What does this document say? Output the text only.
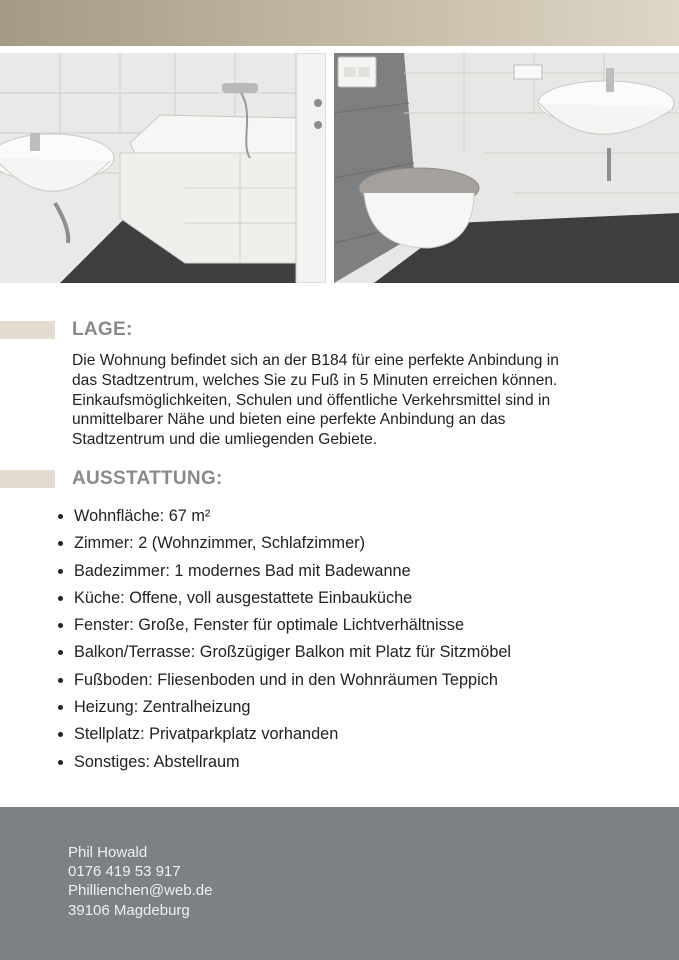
LAGE:

Die Wohnung befindet sich an der B184 für eine perfekte Anbindung in das Stadtzentrum, welches Sie zu Fuß in 5 Minuten erreichen können. Einkaufsmöglichkeiten, Schulen und öffentliche Verkehrsmittel sind in unmittelbarer Nähe und bieten eine perfekte Anbindung an das Stadtzentrum und die umliegenden Gebiete.

AUSSTATTUNG:
• Wohnfläche: 67 m²
• Zimmer: 2 (Wohnzimmer, Schlafzimmer)
• Badezimmer: 1 modernes Bad mit Badewanne
• Küche: Offene, voll ausgestattete Einbauküche
• Fenster: Große, Fenster für optimale Lichtverhältnisse
• Balkon/Terrasse: Großzügiger Balkon mit Platz für Sitzmöbel
• Fußboden: Fliesenboden und in den Wohnräumen Teppich
• Heizung: Zentralheizung
• Stellplatz: Privatparkplatz vorhanden
• Sonstiges: Abstellraum
Phil Howald
0176 419 53 917
Phillienchen@web.de
39106 Magdeburg
